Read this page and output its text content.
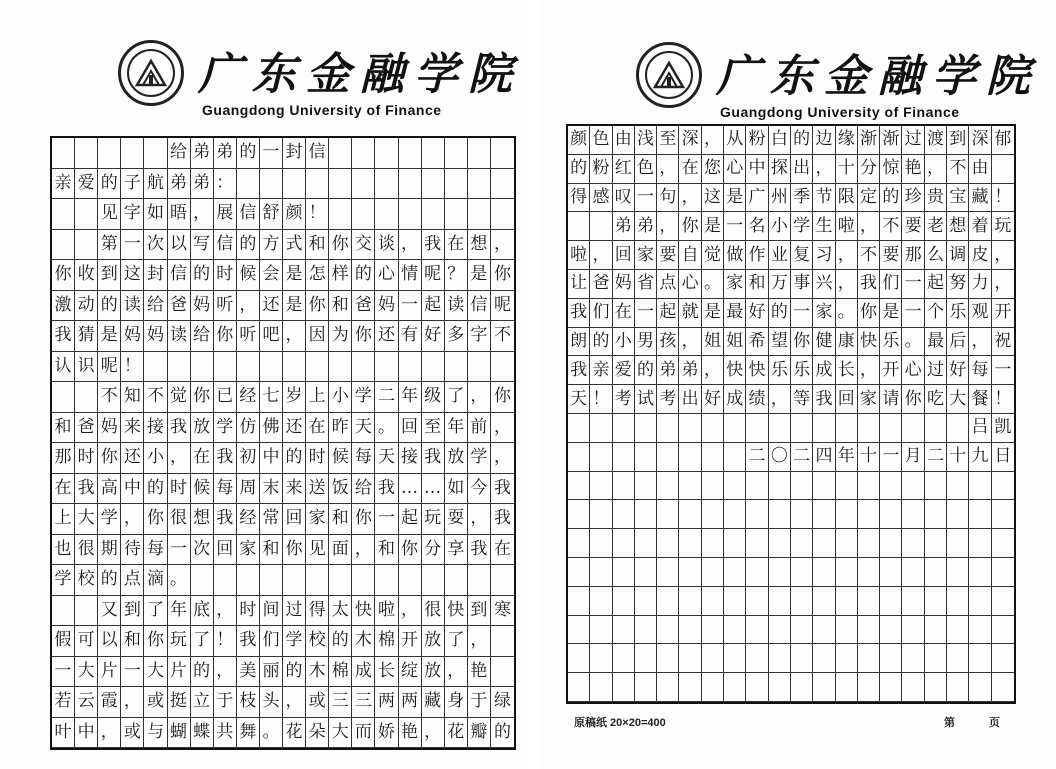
广东金融学院
Guangdong University of Finance
给 弟 弟 的 一 封 信
亲 爱 的 子 航 弟 弟 ：
见 字 如 晤 ， 展 信 舒 颜 ！
第 一 次 以 写 信 的 方 式 和 你 交 谈 ， 我 在 想 ，
你 收 到 这 封 信 的 时 候 会 是 怎 样 的 心 情 呢 ？ 是 你
激 动 的 读 给 爸 妈 听 ， 还 是 你 和 爸 妈 一 起 读 信 呢
我 猜 是 妈 妈 读 给 你 听 吧 ， 因 为 你 还 有 好 多 字 不
认 识 呢 ！
不 知 不 觉 你 已 经 七 岁 上 小 学 二 年 级 了 ， 你
和 爸 妈 来 接 我 放 学 仿 佛 还 在 昨 天 。 回 至 年 前 ，
那 时 你 还 小 ， 在 我 初 中 的 时 候 每 天 接 我 放 学 ，
在 我 高 中 的 时 候 每 周 末 来 送 饭 给 我 … … 如 今 我
上 大 学 ， 你 很 想 我 经 常 回 家 和 你 一 起 玩 耍 ， 我
也 很 期 待 每 一 次 回 家 和 你 见 面 ， 和 你 分 享 我 在
学 校 的 点 滴 。
又 到 了 年 底 ， 时 间 过 得 太 快 啦 ， 很 快 到 寒
假 可 以 和 你 玩 了 ！ 我 们 学 校 的 木 棉 开 放 了 ，
一 大 片 一 大 片 的 ， 美 丽 的 木 棉 成 长 绽 放 ， 艳
若 云 霞 ， 或 挺 立 于 枝 头 ， 或 三 三 两 两 藏 身 于 绿
叶 中 ， 或 与 蝴 蝶 共 舞 。 花 朵 大 而 娇 艳 ， 花 瓣 的
广东金融学院
Guangdong University of Finance
颜 色 由 浅 至 深 ， 从 粉 白 的 边 缘 渐 渐 过 渡 到 深 郁
的 粉 红 色 ， 在 您 心 中 探 出 ， 十 分 惊 艳 ， 不 由
得 感 叹 一 句 ， 这 是 广 州 季 节 限 定 的 珍 贵 宝 藏 ！
弟 弟 ， 你 是 一 名 小 学 生 啦 ， 不 要 老 想 着 玩
啦 ， 回 家 要 自 觉 做 作 业 复 习 ， 不 要 那 么 调 皮 ，
让 爸 妈 省 点 心 。 家 和 万 事 兴 ， 我 们 一 起 努 力 ，
我 们 在 一 起 就 是 最 好 的 一 家 。 你 是 一 个 乐 观 开
朗 的 小 男 孩 ， 姐 姐 希 望 你 健 康 快 乐 。 最 后 ， 祝
我 亲 爱 的 弟 弟 ， 快 快 乐 乐 成 长 ， 开 心 过 好 每 一
天 ！ 考 试 考 出 好 成 绩 ， 等 我 回 家 请 你 吃 大 餐 ！
吕 凯
二 〇 二 四 年 十 一 月 二 十 九 日
原稿纸 20×20=400	第 页
